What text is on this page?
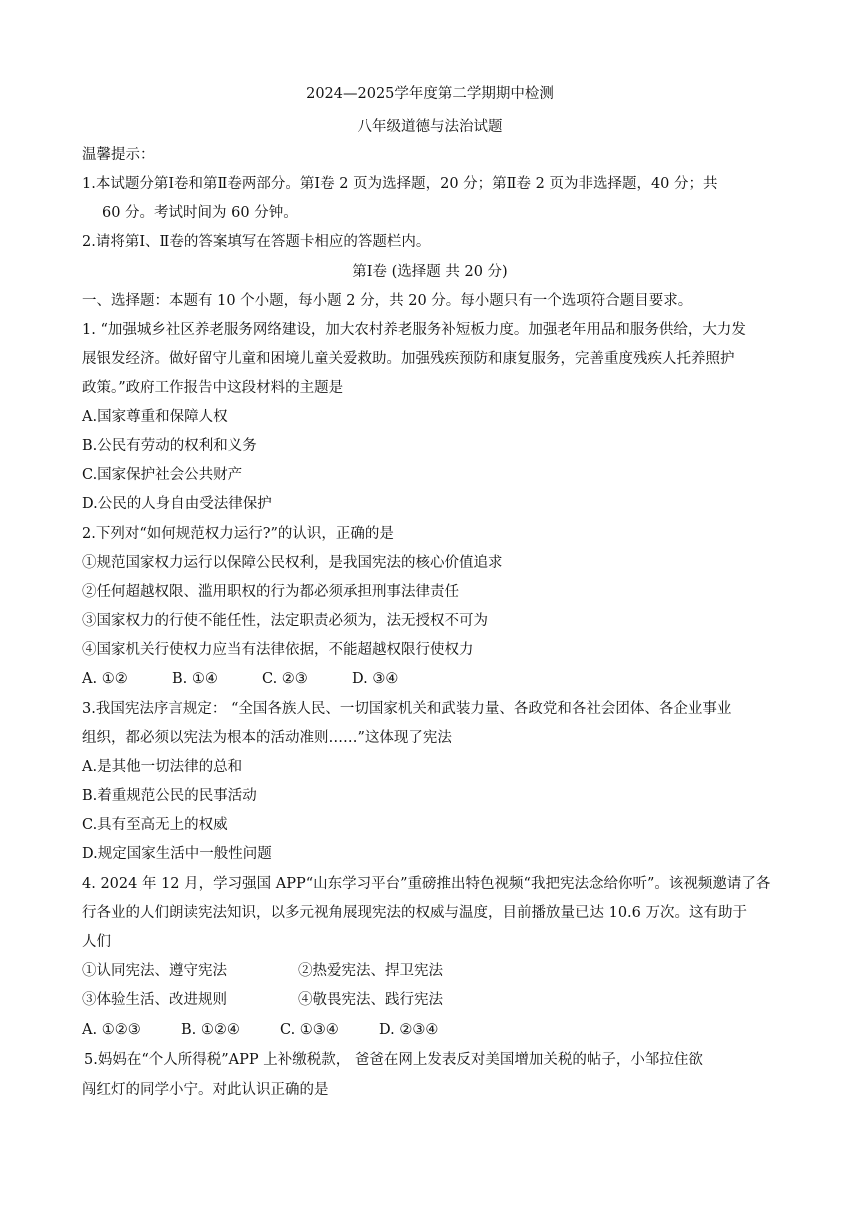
2024—2025学年度第二学期期中检测
八年级道德与法治试题
温馨提示：
1.本试题分第Ⅰ卷和第Ⅱ卷两部分。第Ⅰ卷 2 页为选择题，20 分；第Ⅱ卷 2 页为非选择题，40 分；共
60 分。考试时间为 60 分钟。
2.请将第Ⅰ、Ⅱ卷的答案填写在答题卡相应的答题栏内。
第Ⅰ卷 (选择题 共 20 分)
一、选择题：本题有 10 个小题，每小题 2 分，共 20 分。每小题只有一个选项符合题目要求。
1. “加强城乡社区养老服务网络建设，加大农村养老服务补短板力度。加强老年用品和服务供给，大力发
展银发经济。做好留守儿童和困境儿童关爱救助。加强残疾预防和康复服务，完善重度残疾人托养照护
政策。”政府工作报告中这段材料的主题是
A.国家尊重和保障人权
B.公民有劳动的权利和义务
C.国家保护社会公共财产
D.公民的人身自由受法律保护
2.下列对“如何规范权力运行?”的认识，正确的是
①规范国家权力运行以保障公民权利，是我国宪法的核心价值追求
②任何超越权限、滥用职权的行为都必须承担刑事法律责任
③国家权力的行使不能任性，法定职责必须为，法无授权不可为
④国家机关行使权力应当有法律依据，不能超越权限行使权力
A. ①②	B. ①④	C. ②③	D. ③④
3.我国宪法序言规定： “全国各族人民、一切国家机关和武装力量、各政党和各社会团体、各企业事业
组织，都必须以宪法为根本的活动准则……”这体现了宪法
A.是其他一切法律的总和
B.着重规范公民的民事活动
C.具有至高无上的权威
D.规定国家生活中一般性问题
4. 2024 年 12 月，学习强国 APP“山东学习平台”重磅推出特色视频“我把宪法念给你听”。该视频邀请了各
行各业的人们朗读宪法知识，以多元视角展现宪法的权威与温度，目前播放量已达 10.6 万次。这有助于
人们
①认同宪法、遵守宪法	②热爱宪法、捍卫宪法
③体验生活、改进规则	④敬畏宪法、践行宪法
A. ①②③	B. ①②④	C. ①③④	D. ②③④
5.妈妈在“个人所得税”APP 上补缴税款， 爸爸在网上发表反对美国增加关税的帖子，小邹拉住欲
闯红灯的同学小宁。对此认识正确的是
